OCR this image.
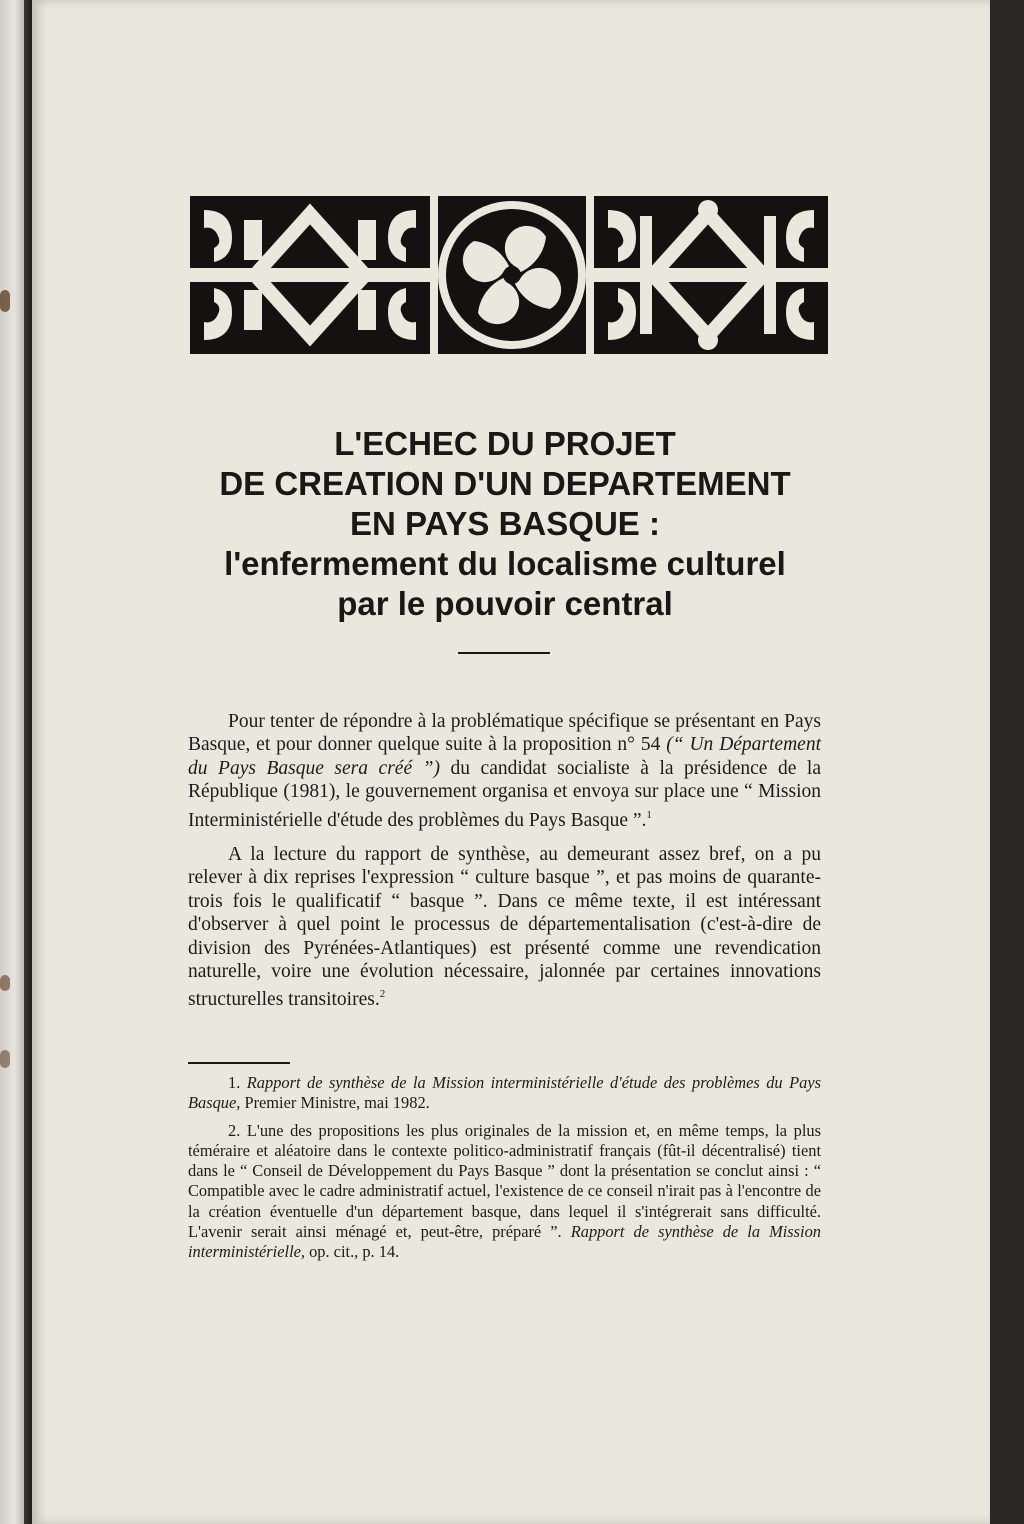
L'ECHEC DU PROJET
DE CREATION D'UN DEPARTEMENT
EN PAYS BASQUE :
l'enfermement du localisme culturel
par le pouvoir central

Pour tenter de répondre à la problématique spécifique se présentant en Pays Basque, et pour donner quelque suite à la proposition n° 54 (“ Un Département du Pays Basque sera créé ”) du candidat socialiste à la présidence de la République (1981), le gouvernement organisa et envoya sur place une “ Mission Interministérielle d'étude des problèmes du Pays Basque ”.$^1$

A la lecture du rapport de synthèse, au demeurant assez bref, on a pu relever à dix reprises l'expression “ culture basque ”, et pas moins de quarante-trois fois le qualificatif “ basque ”. Dans ce même texte, il est intéressant d'observer à quel point le processus de départementalisation (c'est-à-dire de division des Pyrénées-Atlantiques) est présenté comme une revendication naturelle, voire une évolution nécessaire, jalonnée par certaines innovations structurelles transitoires.$^2$

1. Rapport de synthèse de la Mission interministérielle d'étude des problèmes du Pays Basque, Premier Ministre, mai 1982.

2. L'une des propositions les plus originales de la mission et, en même temps, la plus téméraire et aléatoire dans le contexte politico-administratif français (fût-il décentralisé) tient dans le “ Conseil de Développement du Pays Basque ” dont la présentation se conclut ainsi : “ Compatible avec le cadre administratif actuel, l'existence de ce conseil n'irait pas à l'encontre de la création éventuelle d'un département basque, dans lequel il s'intégrerait sans difficulté. L'avenir serait ainsi ménagé et, peut-être, préparé ”. Rapport de synthèse de la Mission interministérielle, op. cit., p. 14.
